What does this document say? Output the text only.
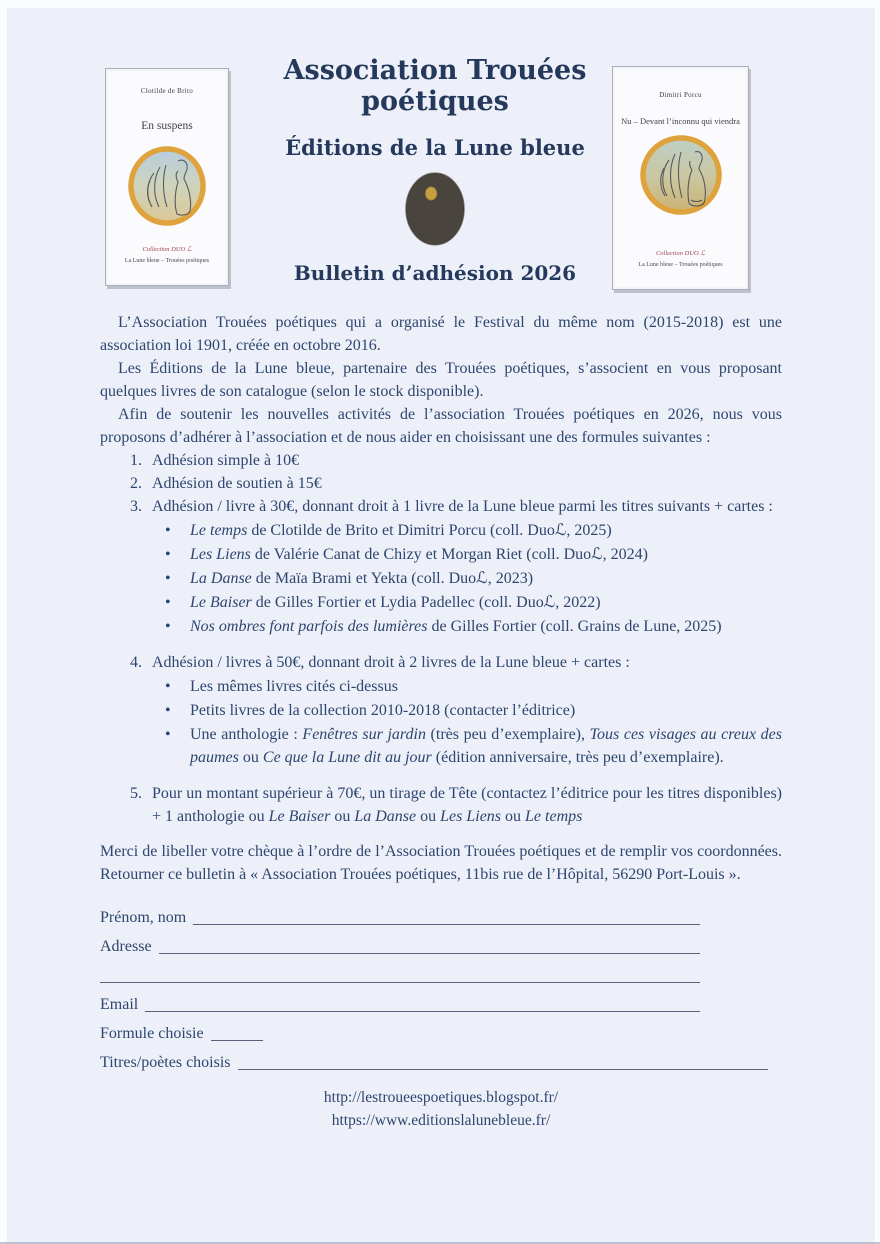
Clotilde de Brito
En suspens
Collection DUO ℒ
La Lune bleue – Trouées poétiques
Dimitri Porcu
Nu – Devant l’inconnu qui viendra
Collection DUO ℒ
La Lune bleue – Trouées poétiques
Association Trouées poétiques
Éditions de la Lune bleue
Bulletin d’adhésion 2026

L’Association Trouées poétiques qui a organisé le Festival du même nom (2015-2018) est une association loi 1901, créée en octobre 2016.

Les Éditions de la Lune bleue, partenaire des Trouées poétiques, s’associent en vous proposant quelques livres de son catalogue (selon le stock disponible).

Afin de soutenir les nouvelles activités de l’association Trouées poétiques en 2026, nous vous proposons d’adhérer à l’association et de nous aider en choisissant une des formules suivantes :

1. Adhésion simple à 10€
2. Adhésion de soutien à 15€
3. Adhésion / livre à 30€, donnant droit à 1 livre de la Lune bleue parmi les titres suivants + cartes :
•
Le temps de Clotilde de Brito et Dimitri Porcu (coll. Duoℒ, 2025)
•
Les Liens de Valérie Canat de Chizy et Morgan Riet (coll. Duoℒ, 2024)
•
La Danse de Maïa Brami et Yekta (coll. Duoℒ, 2023)
•
Le Baiser de Gilles Fortier et Lydia Padellec (coll. Duoℒ, 2022)
•
Nos ombres font parfois des lumières de Gilles Fortier (coll. Grains de Lune, 2025)
4. Adhésion / livres à 50€, donnant droit à 2 livres de la Lune bleue + cartes :
•
Les mêmes livres cités ci-dessus
•
Petits livres de la collection 2010-2018 (contacter l’éditrice)
•
Une anthologie : Fenêtres sur jardin (très peu d’exemplaire), Tous ces visages au creux des paumes ou Ce que la Lune dit au jour (édition anniversaire, très peu d’exemplaire).
5. Pour un montant supérieur à 70€, un tirage de Tête (contactez l’éditrice pour les titres disponibles) + 1 anthologie ou Le Baiser ou La Danse ou Les Liens ou Le temps

Merci de libeller votre chèque à l’ordre de l’Association Trouées poétiques et de remplir vos coordonnées. Retourner ce bulletin à « Association Trouées poétiques, 11bis rue de l’Hôpital, 56290 Port-Louis ».

Prénom, nom
Adresse
Email
Formule choisie
Titres/poètes choisis
http://lestroueespoetiques.blogspot.fr/
https://www.editionslalunebleue.fr/
